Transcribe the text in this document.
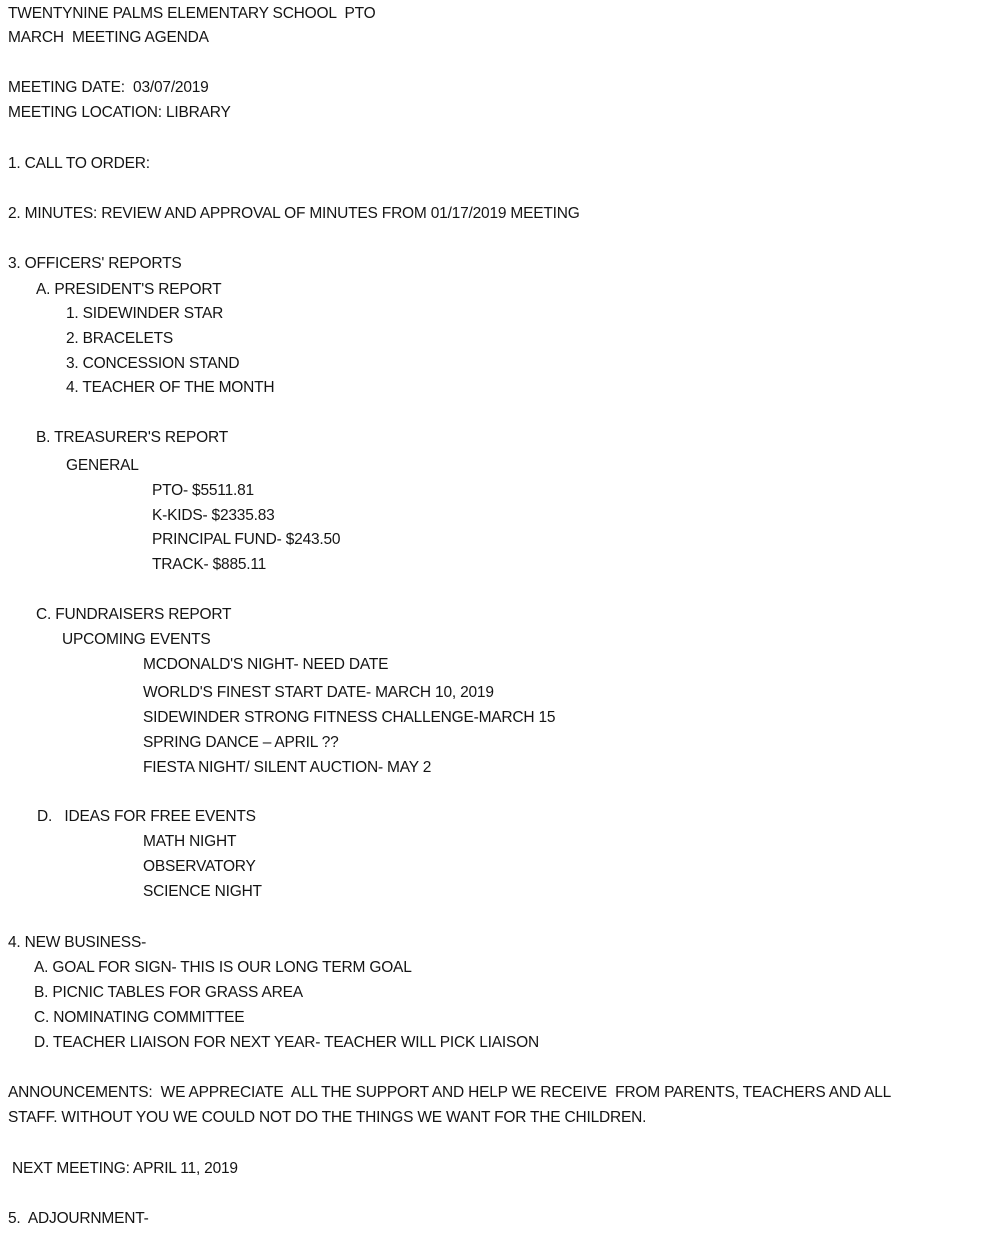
TWENTYNINE PALMS ELEMENTARY SCHOOL  PTO

MARCH  MEETING AGENDA

MEETING DATE:  03/07/2019

MEETING LOCATION: LIBRARY

1. CALL TO ORDER:

2. MINUTES: REVIEW AND APPROVAL OF MINUTES FROM 01/17/2019 MEETING

3. OFFICERS' REPORTS

A. PRESIDENT'S REPORT

1. SIDEWINDER STAR

2. BRACELETS

3. CONCESSION STAND

4. TEACHER OF THE MONTH

B. TREASURER'S REPORT

GENERAL

PTO- $5511.81

K-KIDS- $2335.83

PRINCIPAL FUND- $243.50

TRACK- $885.11

C. FUNDRAISERS REPORT

UPCOMING EVENTS

MCDONALD'S NIGHT- NEED DATE

WORLD'S FINEST START DATE- MARCH 10, 2019

SIDEWINDER STRONG FITNESS CHALLENGE-MARCH 15

SPRING DANCE – APRIL ??

FIESTA NIGHT/ SILENT AUCTION- MAY 2

D.   IDEAS FOR FREE EVENTS

MATH NIGHT

OBSERVATORY

SCIENCE NIGHT

4. NEW BUSINESS-

A. GOAL FOR SIGN- THIS IS OUR LONG TERM GOAL

B. PICNIC TABLES FOR GRASS AREA

C. NOMINATING COMMITTEE

D. TEACHER LIAISON FOR NEXT YEAR- TEACHER WILL PICK LIAISON

ANNOUNCEMENTS:  WE APPRECIATE  ALL THE SUPPORT AND HELP WE RECEIVE  FROM PARENTS, TEACHERS AND ALL

STAFF. WITHOUT YOU WE COULD NOT DO THE THINGS WE WANT FOR THE CHILDREN.

NEXT MEETING: APRIL 11, 2019

5.  ADJOURNMENT-
